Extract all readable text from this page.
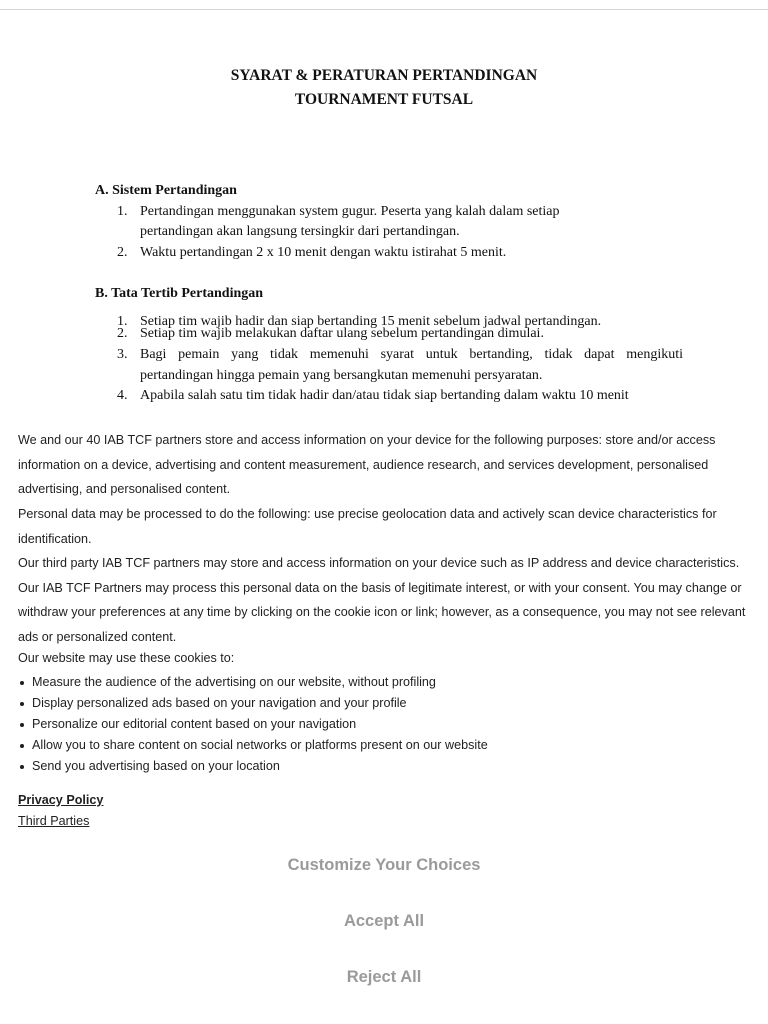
SYARAT & PERATURAN PERTANDINGAN
TOURNAMENT FUTSAL
A. Sistem Pertandingan
1. Pertandingan menggunakan system gugur. Peserta yang kalah dalam setiap
pertandingan akan langsung tersingkir dari pertandingan.
2. Waktu pertandingan 2 x 10 menit dengan waktu istirahat 5 menit.
B. Tata Tertib Pertandingan
1. Setiap tim wajib hadir dan siap bertanding 15 menit sebelum jadwal pertandingan.
2. Setiap tim wajib melakukan daftar ulang sebelum pertandingan dimulai.
3. Bagi pemain yang tidak memenuhi syarat untuk bertanding, tidak dapat mengikuti
pertandingan hingga pemain yang bersangkutan memenuhi persyaratan.
4. Apabila salah satu tim tidak hadir dan/atau tidak siap bertanding dalam waktu 10 menit

We and our 40 IAB TCF partners store and access information on your device for the following purposes: store and/or access information on a device, advertising and content measurement, audience research, and services development, personalised advertising, and personalised content.

Personal data may be processed to do the following: use precise geolocation data and actively scan device characteristics for identification.

Our third party IAB TCF partners may store and access information on your device such as IP address and device characteristics. Our IAB TCF Partners may process this personal data on the basis of legitimate interest, or with your consent. You may change or withdraw your preferences at any time by clicking on the cookie icon or link; however, as a consequence, you may not see relevant ads or personalized content.

Our website may use these cookies to:

Measure the audience of the advertising on our website, without profiling
Display personalized ads based on your navigation and your profile
Personalize our editorial content based on your navigation
Allow you to share content on social networks or platforms present on our website
Send you advertising based on your location
Privacy Policy
Third Parties
Customize Your Choices
Accept All
Reject All
